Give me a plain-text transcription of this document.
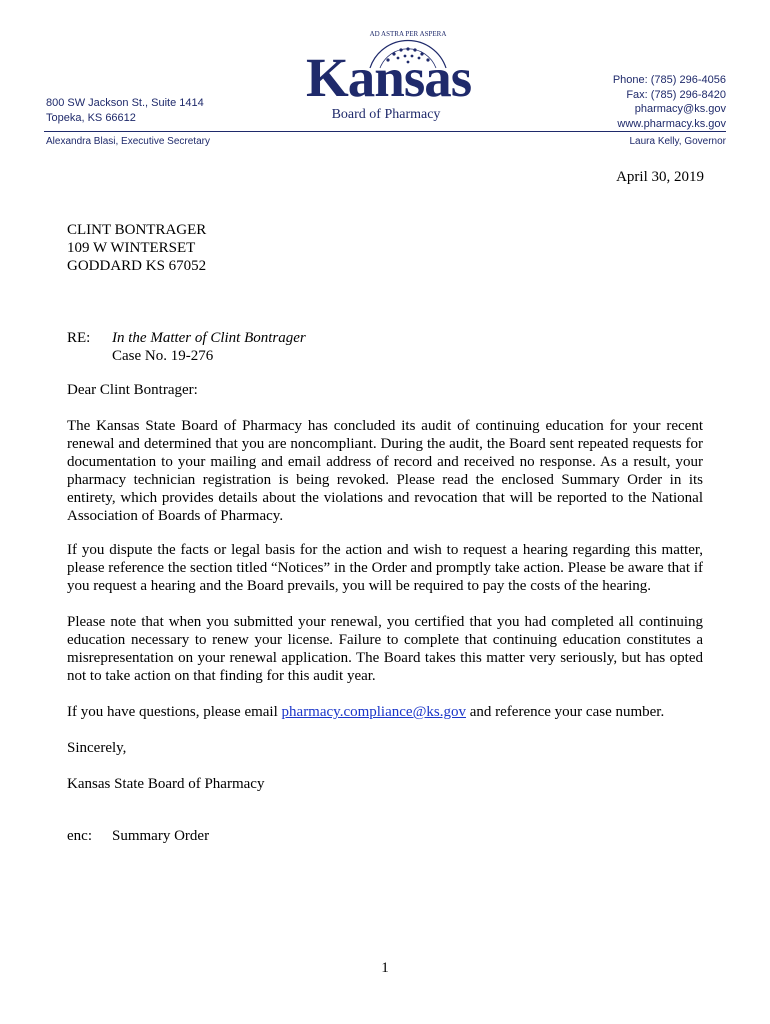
800 SW Jackson St., Suite 1414
Topeka, KS 66612
AD ASTRA PER ASPERA
Kansas
Board of Pharmacy
Phone: (785) 296-4056
Fax: (785) 296-8420
pharmacy@ks.gov
www.pharmacy.ks.gov
Alexandra Blasi, Executive Secretary	Laura Kelly, Governor
April 30, 2019
CLINT BONTRAGER
109 W WINTERSET
GODDARD KS 67052
RE: In the Matter of Clint Bontrager
Case No. 19-276
Dear Clint Bontrager:

The Kansas State Board of Pharmacy has concluded its audit of continuing education for your recent renewal and determined that you are noncompliant. During the audit, the Board sent repeated requests for documentation to your mailing and email address of record and received no response. As a result, your pharmacy technician registration is being revoked. Please read the enclosed Summary Order in its entirety, which provides details about the violations and revocation that will be reported to the National Association of Boards of Pharmacy.

If you dispute the facts or legal basis for the action and wish to request a hearing regarding this matter, please reference the section titled “Notices” in the Order and promptly take action. Please be aware that if you request a hearing and the Board prevails, you will be required to pay the costs of the hearing.

Please note that when you submitted your renewal, you certified that you had completed all continuing education necessary to renew your license. Failure to complete that continuing education constitutes a misrepresentation on your renewal application. The Board takes this matter very seriously, but has opted not to take action on that finding for this audit year.

If you have questions, please email pharmacy.compliance@ks.gov and reference your case number.
Sincerely,
Kansas State Board of Pharmacy
enc: Summary Order
1
